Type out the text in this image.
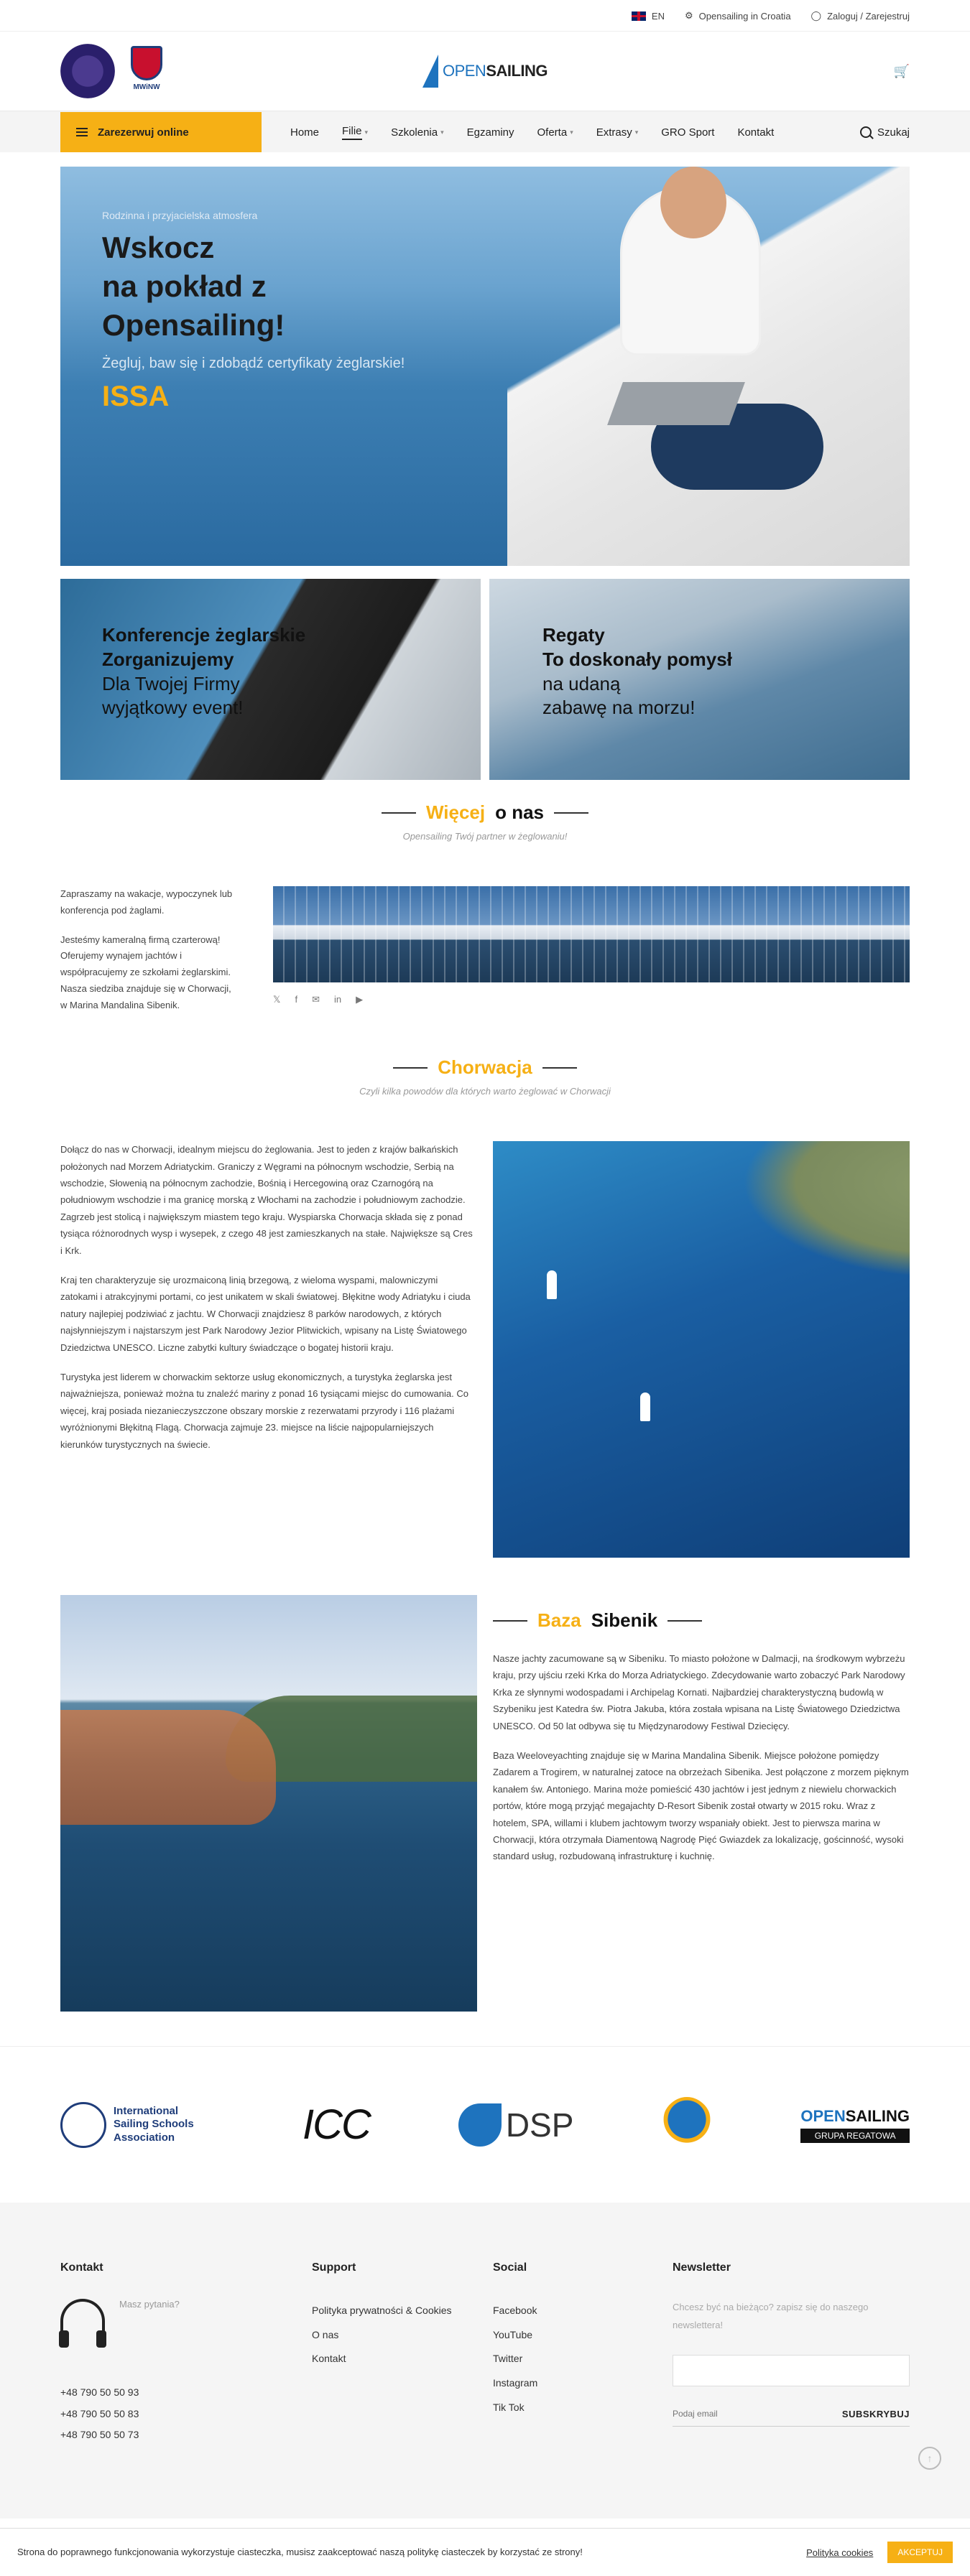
EN ⚙ Opensailing in Croatia ◯ Zaloguj / Zarejestruj
MWiNW
OPENSAILING	🛒
Zarezerwuj online	Home Filie ▾ Szkolenia ▾ Egzaminy Oferta ▾ Extrasy ▾ GRO Sport Kontakt	Szukaj
Rodzinna i przyjacielska atmosfera
Wskocz
na pokład z
Opensailing!
Żegluj, baw się i zdobądź certyfikaty żeglarskie!
ISSA
Konferencje żeglarskie
Zorganizujemy
Dla Twojej Firmy
wyjątkowy event!
Regaty
To doskonały pomysł
na udaną
zabawę na morzu!
Więcej o nas
Opensailing Twój partner w żeglowaniu!

Zapraszamy na wakacje, wypoczynek lub konferencja pod żaglami.

Jesteśmy kameralną firmą czarterową! Oferujemy wynajem jachtów i współpracujemy ze szkołami żeglarskimi. Nasza siedziba znajduje się w Chorwacji, w Marina Mandalina Sibenik.	𝕏 f ✉ in ▶
Chorwacja
Czyli kilka powodów dla których warto żeglować w Chorwacji

Dołącz do nas w Chorwacji, idealnym miejscu do żeglowania. Jest to jeden z krajów bałkańskich położonych nad Morzem Adriatyckim. Graniczy z Węgrami na północnym wschodzie, Serbią na wschodzie, Słowenią na północnym zachodzie, Bośnią i Hercegowiną oraz Czarnogórą na południowym wschodzie i ma granicę morską z Włochami na zachodzie i południowym zachodzie. Zagrzeb jest stolicą i największym miastem tego kraju. Wyspiarska Chorwacja składa się z ponad tysiąca różnorodnych wysp i wysepek, z czego 48 jest zamieszkanych na stałe. Największe są Cres i Krk.

Kraj ten charakteryzuje się urozmaiconą linią brzegową, z wieloma wyspami, malowniczymi zatokami i atrakcyjnymi portami, co jest unikatem w skali światowej. Błękitne wody Adriatyku i ciuda natury najlepiej podziwiać z jachtu. W Chorwacji znajdziesz 8 parków narodowych, z których najsłynniejszym i najstarszym jest Park Narodowy Jezior Plitwickich, wpisany na Listę Światowego Dziedzictwa UNESCO. Liczne zabytki kultury świadczące o bogatej historii kraju.

Turystyka jest liderem w chorwackim sektorze usług ekonomicznych, a turystyka żeglarska jest najważniejsza, ponieważ można tu znaleźć mariny z ponad 16 tysiącami miejsc do cumowania. Co więcej, kraj posiada niezanieczyszczone obszary morskie z rezerwatami przyrody i 116 plażami wyróżnionymi Błękitną Flagą. Chorwacja zajmuje 23. miejsce na liście najpopularniejszych kierunków turystycznych na świecie.

Baza Sibenik

Nasze jachty zacumowane są w Sibeniku. To miasto położone w Dalmacji, na środkowym wybrzeżu kraju, przy ujściu rzeki Krka do Morza Adriatyckiego. Zdecydowanie warto zobaczyć Park Narodowy Krka ze słynnymi wodospadami i Archipelag Kornati. Najbardziej charakterystyczną budowlą w Szybeniku jest Katedra św. Piotra Jakuba, która została wpisana na Listę Światowego Dziedzictwa UNESCO. Od 50 lat odbywa się tu Międzynarodowy Festiwal Dziecięcy.

Baza Weeloveyachting znajduje się w Marina Mandalina Sibenik. Miejsce położone pomiędzy Zadarem a Trogirem, w naturalnej zatoce na obrzeżach Sibenika. Jest połączone z morzem pięknym kanałem św. Antoniego. Marina może pomieścić 430 jachtów i jest jednym z niewielu chorwackich portów, które mogą przyjąć megajachty D-Resort Sibenik został otwarty w 2015 roku. Wraz z hotelem, SPA, willami i klubem jachtowym tworzy wspaniały obiekt. Jest to pierwsza marina w Chorwacji, która otrzymała Diamentową Nagrodę Pięć Gwiazdek za lokalizację, gościnność, wysoki standard usług, rozbudowaną infrastrukturę i kuchnię.

International
Sailing Schools
Association	ICC	DSP	OPENSAILING
GRUPA REGATOWA
Kontakt
Masz pytania?
+48 790 50 50 93
+48 790 50 50 83
+48 790 50 50 73
Support
Polityka prywatności & Cookies
O nas
Kontakt
Social
Facebook
YouTube
Twitter
Instagram
Tik Tok
Newsletter
Chcesz być na bieżąco? zapisz się do naszego newslettera!
Podaj email
SUBSKRYBUJ
↑
Strona do poprawnego funkcjonowania wykorzystuje ciasteczka, musisz zaakceptować naszą politykę ciasteczek by korzystać ze strony!	Polityka cookies	AKCEPTUJ
